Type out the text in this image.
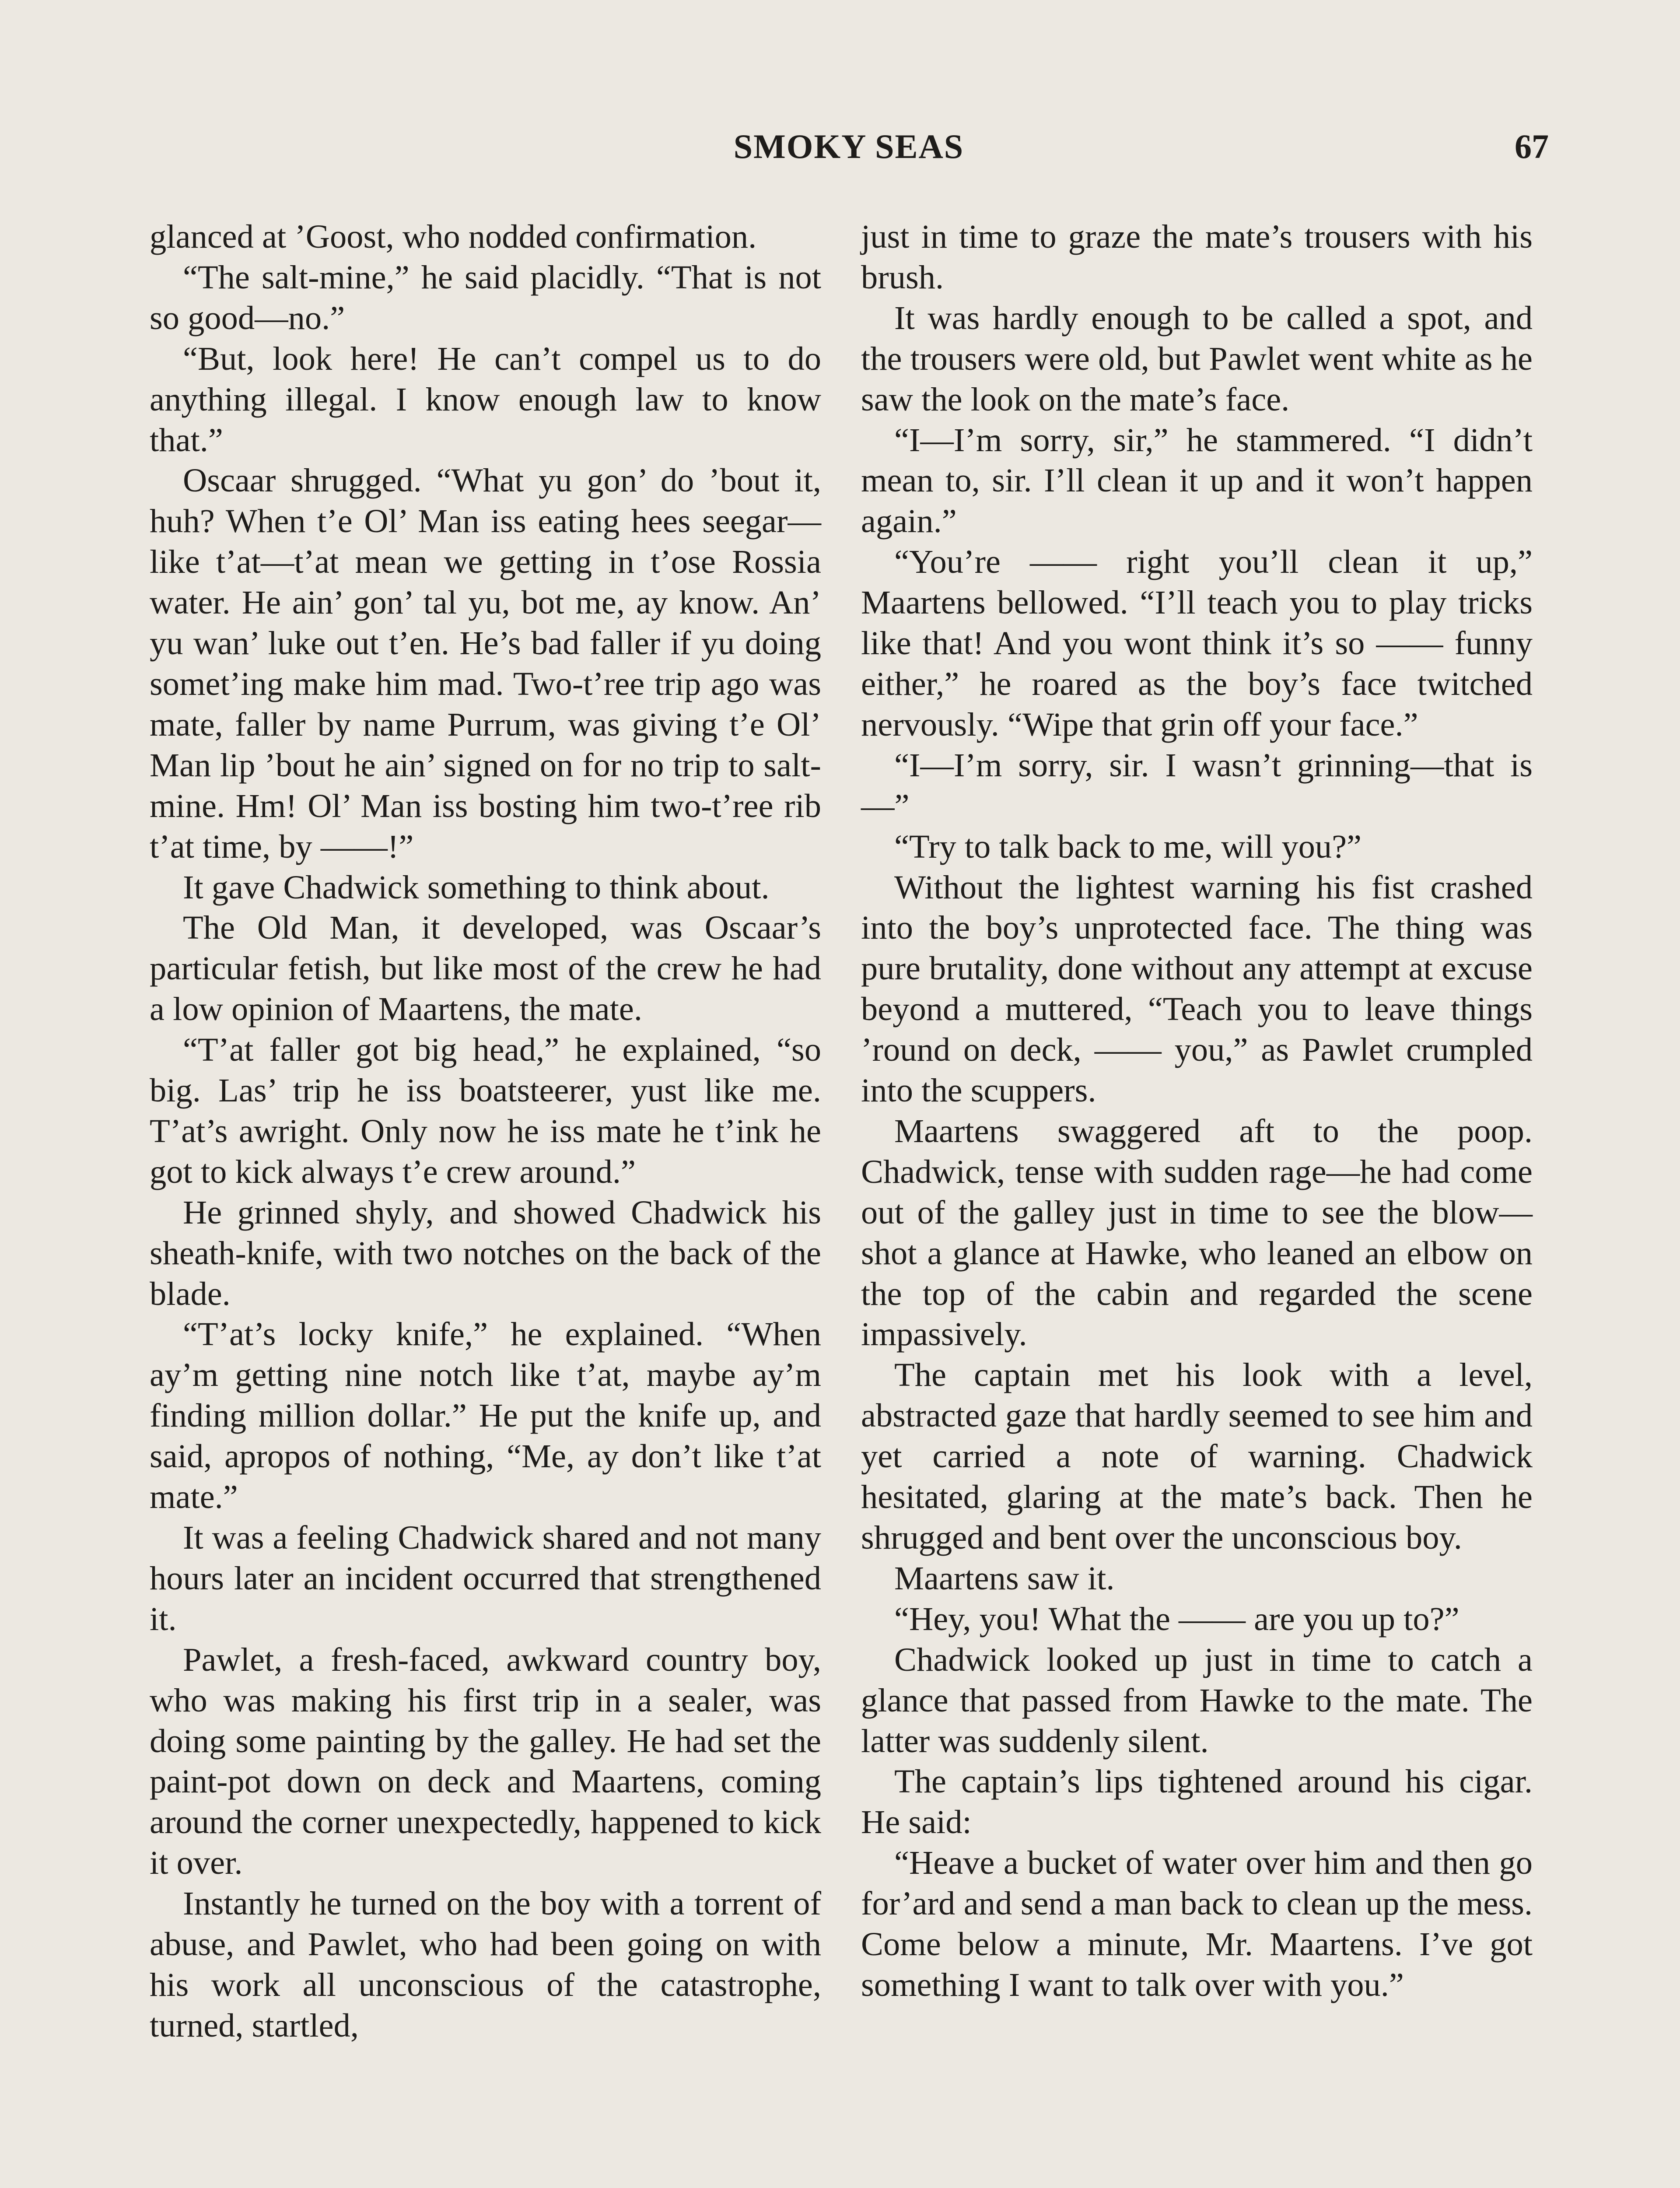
SMOKY SEAS	67

glanced at ’Goost, who nodded confirmation.

“The salt-mine,” he said placidly. “That is not so good—no.”

“But, look here! He can’t compel us to do anything illegal. I know enough law to know that.”

Oscaar shrugged. “What yu gon’ do ’bout it, huh? When t’e Ol’ Man iss eating hees seegar—like t’at—t’at mean we getting in t’ose Rossia water. He ain’ gon’ tal yu, bot me, ay know. An’ yu wan’ luke out t’en. He’s bad faller if yu doing somet’ing make him mad. Two-t’ree trip ago was mate, faller by name Purrum, was giving t’e Ol’ Man lip ’bout he ain’ signed on for no trip to salt-mine. Hm! Ol’ Man iss bosting him two-t’ree rib t’at time, by ——!”

It gave Chadwick something to think about.

The Old Man, it developed, was Oscaar’s particular fetish, but like most of the crew he had a low opinion of Maartens, the mate.

“T’at faller got big head,” he explained, “so big. Las’ trip he iss boatsteerer, yust like me. T’at’s awright. Only now he iss mate he t’ink he got to kick always t’e crew around.”

He grinned shyly, and showed Chadwick his sheath-knife, with two notches on the back of the blade.

“T’at’s locky knife,” he explained. “When ay’m getting nine notch like t’at, maybe ay’m finding million dollar.” He put the knife up, and said, apropos of nothing, “Me, ay don’t like t’at mate.”

It was a feeling Chadwick shared and not many hours later an incident occurred that strengthened it.

Pawlet, a fresh-faced, awkward country boy, who was making his first trip in a sealer, was doing some painting by the galley. He had set the paint-pot down on deck and Maartens, coming around the corner unexpectedly, happened to kick it over.

Instantly he turned on the boy with a torrent of abuse, and Pawlet, who had been going on with his work all unconscious of the catastrophe, turned, startled,

just in time to graze the mate’s trousers with his brush.

It was hardly enough to be called a spot, and the trousers were old, but Pawlet went white as he saw the look on the mate’s face.

“I—I’m sorry, sir,” he stammered. “I didn’t mean to, sir. I’ll clean it up and it won’t happen again.”

“You’re —— right you’ll clean it up,” Maartens bellowed. “I’ll teach you to play tricks like that! And you wont think it’s so —— funny either,” he roared as the boy’s face twitched nervously. “Wipe that grin off your face.”

“I—I’m sorry, sir. I wasn’t grinning—that is—”

“Try to talk back to me, will you?”

Without the lightest warning his fist crashed into the boy’s unprotected face. The thing was pure brutality, done without any attempt at excuse beyond a muttered, “Teach you to leave things ’round on deck, —— you,” as Pawlet crumpled into the scuppers.

Maartens swaggered aft to the poop. Chadwick, tense with sudden rage—he had come out of the galley just in time to see the blow—shot a glance at Hawke, who leaned an elbow on the top of the cabin and regarded the scene impassively.

The captain met his look with a level, abstracted gaze that hardly seemed to see him and yet carried a note of warning. Chadwick hesitated, glaring at the mate’s back. Then he shrugged and bent over the unconscious boy.

Maartens saw it.

“Hey, you! What the —— are you up to?”

Chadwick looked up just in time to catch a glance that passed from Hawke to the mate. The latter was suddenly silent.

The captain’s lips tightened around his cigar. He said:

“Heave a bucket of water over him and then go for’ard and send a man back to clean up the mess. Come below a minute, Mr. Maartens. I’ve got something I want to talk over with you.”
